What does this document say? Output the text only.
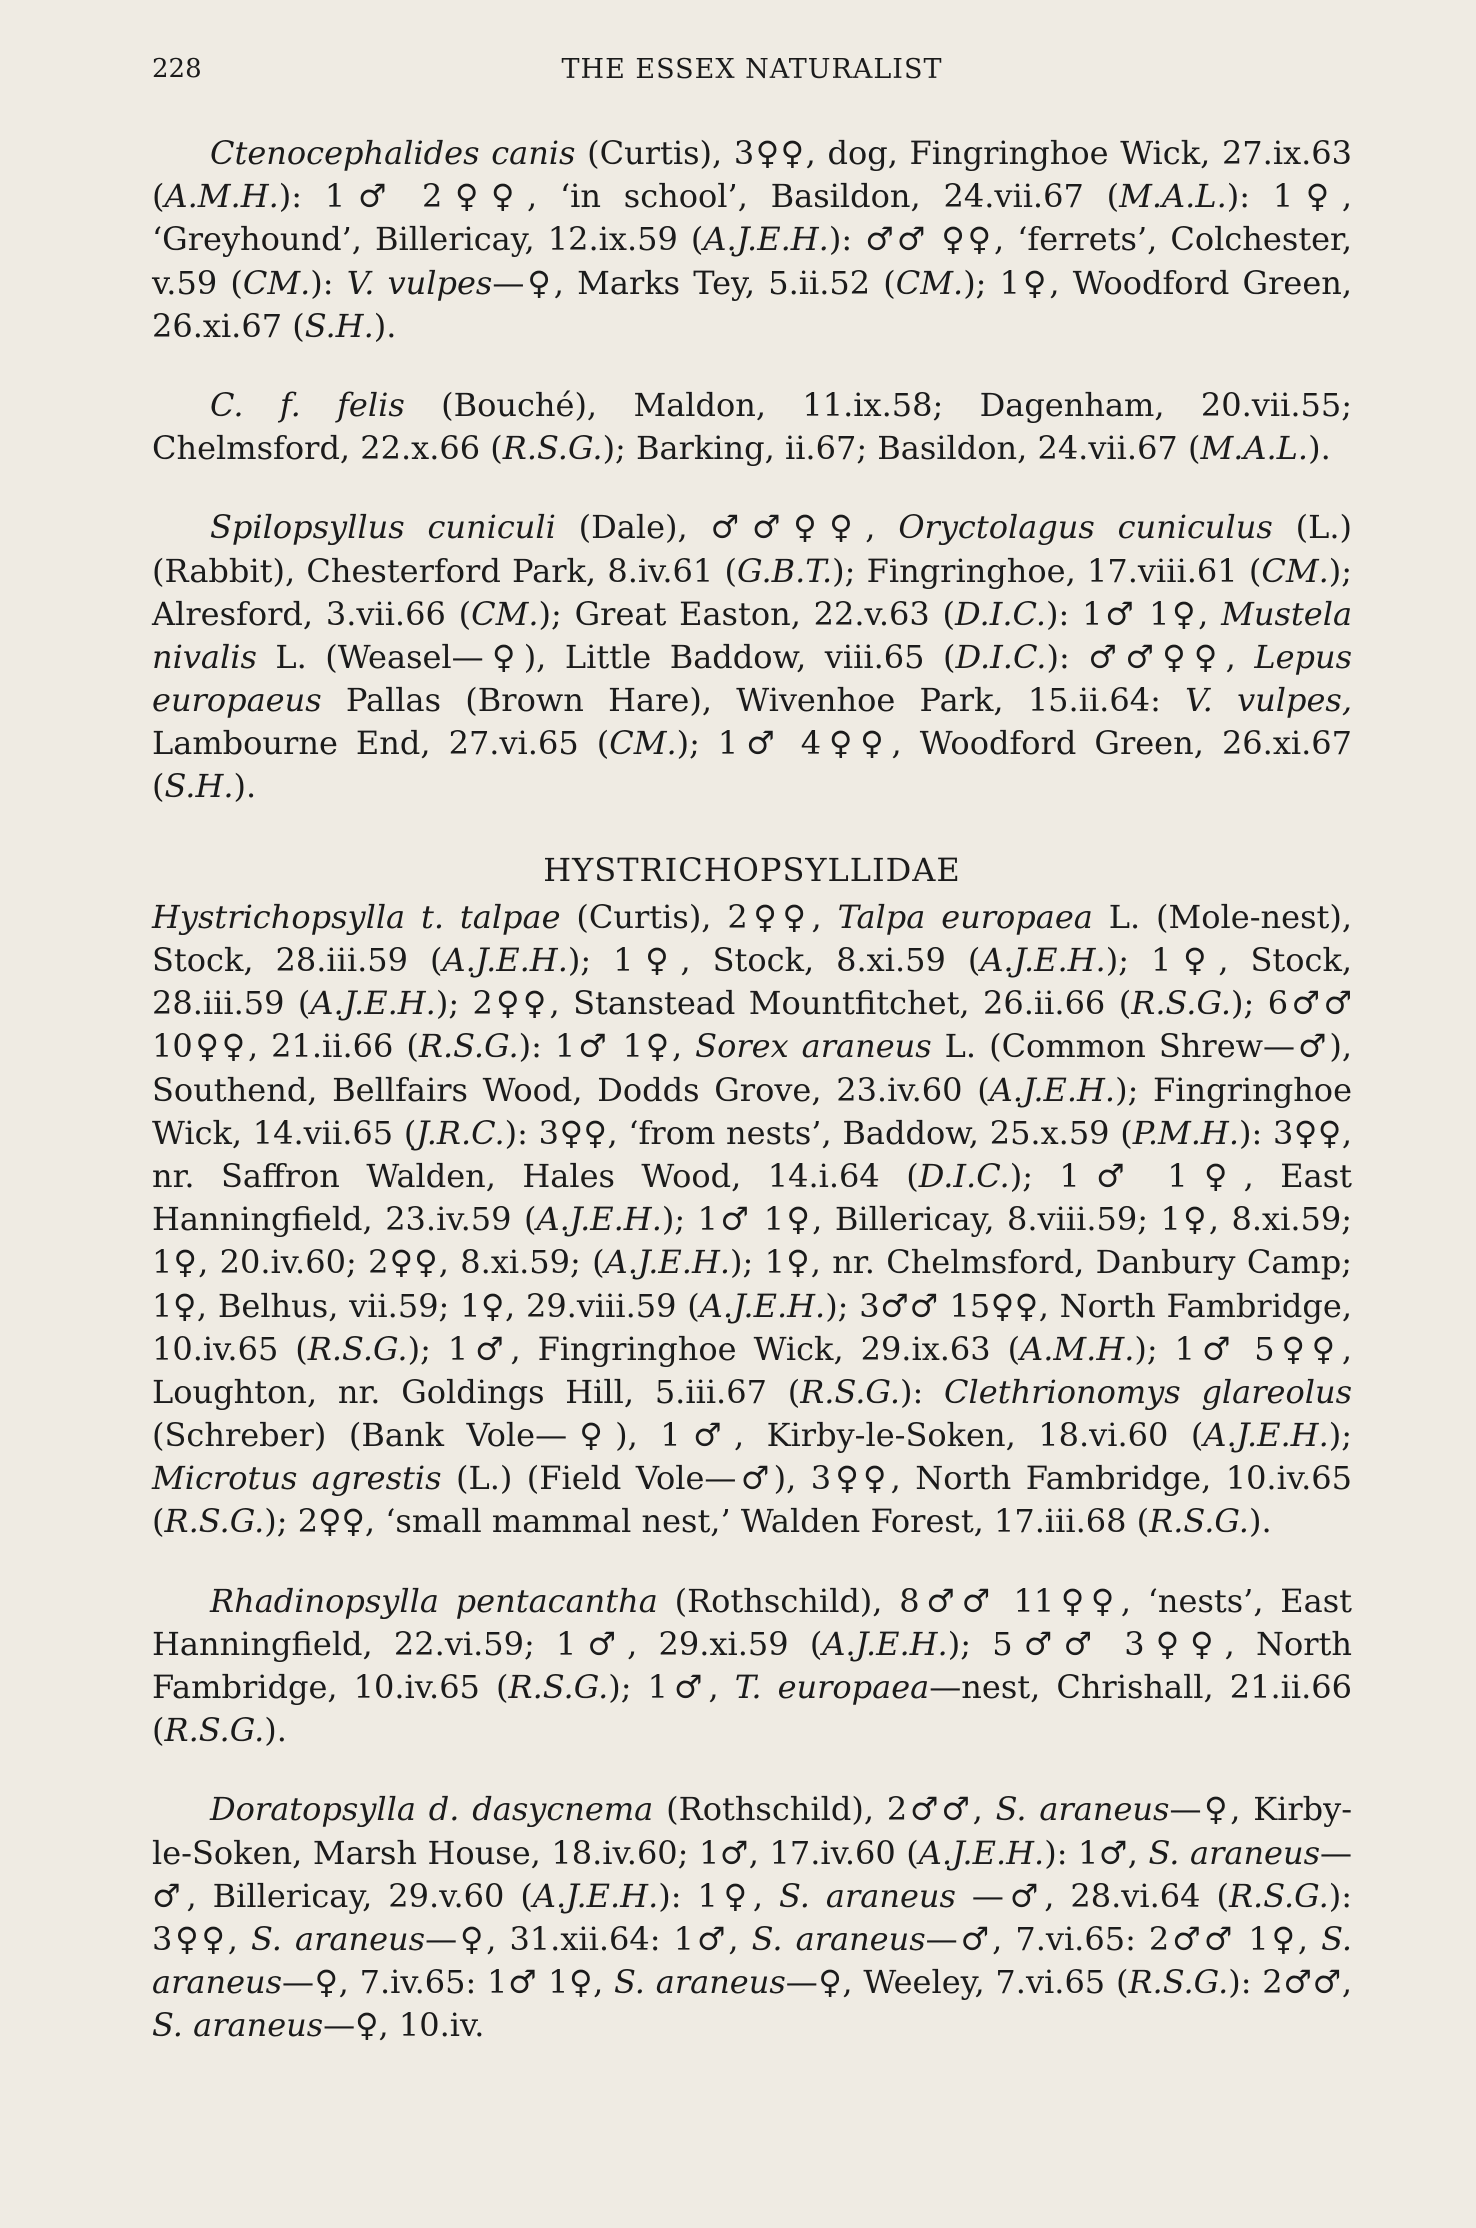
228	THE ESSEX NATURALIST

Ctenocephalides canis (Curtis), 3♀♀, dog, Fingringhoe Wick, 27.ix.63 (A.M.H.): 1♂ 2♀♀, ‘in school’, Basildon, 24.vii.67 (M.A.L.): 1♀, ‘Greyhound’, Billericay, 12.ix.59 (A.J.E.H.): ♂♂ ♀♀, ‘ferrets’, Colchester, v.59 (CM.): V. vulpes—♀, Marks Tey, 5.ii.52 (CM.); 1♀, Woodford Green, 26.xi.67 (S.H.).

C. f. felis (Bouché), Maldon, 11.ix.58; Dagenham, 20.vii.55; Chelmsford, 22.x.66 (R.S.G.); Barking, ii.67; Basildon, 24.vii.67 (M.A.L.).

Spilopsyllus cuniculi (Dale), ♂♂♀♀, Oryctolagus cuniculus (L.) (Rabbit), Chesterford Park, 8.iv.61 (G.B.T.); Fingringhoe, 17.viii.61 (CM.); Alresford, 3.vii.66 (CM.); Great Easton, 22.v.63 (D.I.C.): 1♂ 1♀, Mustela nivalis L. (Weasel—♀), Little Baddow, viii.65 (D.I.C.): ♂♂♀♀, Lepus europaeus Pallas (Brown Hare), Wivenhoe Park, 15.ii.64: V. vulpes, Lambourne End, 27.vi.65 (CM.); 1♂ 4♀♀, Woodford Green, 26.xi.67 (S.H.).

HYSTRICHOPSYLLIDAE

Hystrichopsylla t. talpae (Curtis), 2♀♀, Talpa europaea L. (Mole-nest), Stock, 28.iii.59 (A.J.E.H.); 1♀, Stock, 8.xi.59 (A.J.E.H.); 1♀, Stock, 28.iii.59 (A.J.E.H.); 2♀♀, Stanstead Mountfitchet, 26.ii.66 (R.S.G.); 6♂♂ 10♀♀, 21.ii.66 (R.S.G.): 1♂ 1♀, Sorex araneus L. (Common Shrew—♂), Southend, Bellfairs Wood, Dodds Grove, 23.iv.60 (A.J.E.H.); Fingringhoe Wick, 14.vii.65 (J.R.C.): 3♀♀, ‘from nests’, Baddow, 25.x.59 (P.M.H.): 3♀♀, nr. Saffron Walden, Hales Wood, 14.i.64 (D.I.C.); 1♂ 1♀, East Hanningfield, 23.iv.59 (A.J.E.H.); 1♂ 1♀, Billericay, 8.viii.59; 1♀, 8.xi.59; 1♀, 20.iv.60; 2♀♀, 8.xi.59; (A.J.E.H.); 1♀, nr. Chelmsford, Danbury Camp; 1♀, Belhus, vii.59; 1♀, 29.viii.59 (A.J.E.H.); 3♂♂ 15♀♀, North Fambridge, 10.iv.65 (R.S.G.); 1♂, Fingringhoe Wick, 29.ix.63 (A.M.H.); 1♂ 5♀♀, Loughton, nr. Goldings Hill, 5.iii.67 (R.S.G.): Clethrionomys glareolus (Schreber) (Bank Vole—♀), 1♂, Kirby-le-Soken, 18.vi.60 (A.J.E.H.); Microtus agrestis (L.) (Field Vole—♂), 3♀♀, North Fambridge, 10.iv.65 (R.S.G.); 2♀♀, ‘small mammal nest,’ Walden Forest, 17.iii.68 (R.S.G.).

Rhadinopsylla pentacantha (Rothschild), 8♂♂ 11♀♀, ‘nests’, East Hanningfield, 22.vi.59; 1♂, 29.xi.59 (A.J.E.H.); 5♂♂ 3♀♀, North Fambridge, 10.iv.65 (R.S.G.); 1♂, T. europaea—nest, Chrishall, 21.ii.66 (R.S.G.).

Doratopsylla d. dasycnema (Rothschild), 2♂♂, S. araneus—♀, Kirby-le-Soken, Marsh House, 18.iv.60; 1♂, 17.iv.60 (A.J.E.H.): 1♂, S. araneus—♂, Billericay, 29.v.60 (A.J.E.H.): 1♀, S. araneus —♂, 28.vi.64 (R.S.G.): 3♀♀, S. araneus—♀, 31.xii.64: 1♂, S. araneus—♂, 7.vi.65: 2♂♂ 1♀, S. araneus—♀, 7.iv.65: 1♂ 1♀, S. araneus—♀, Weeley, 7.vi.65 (R.S.G.): 2♂♂, S. araneus—♀, 10.iv.
